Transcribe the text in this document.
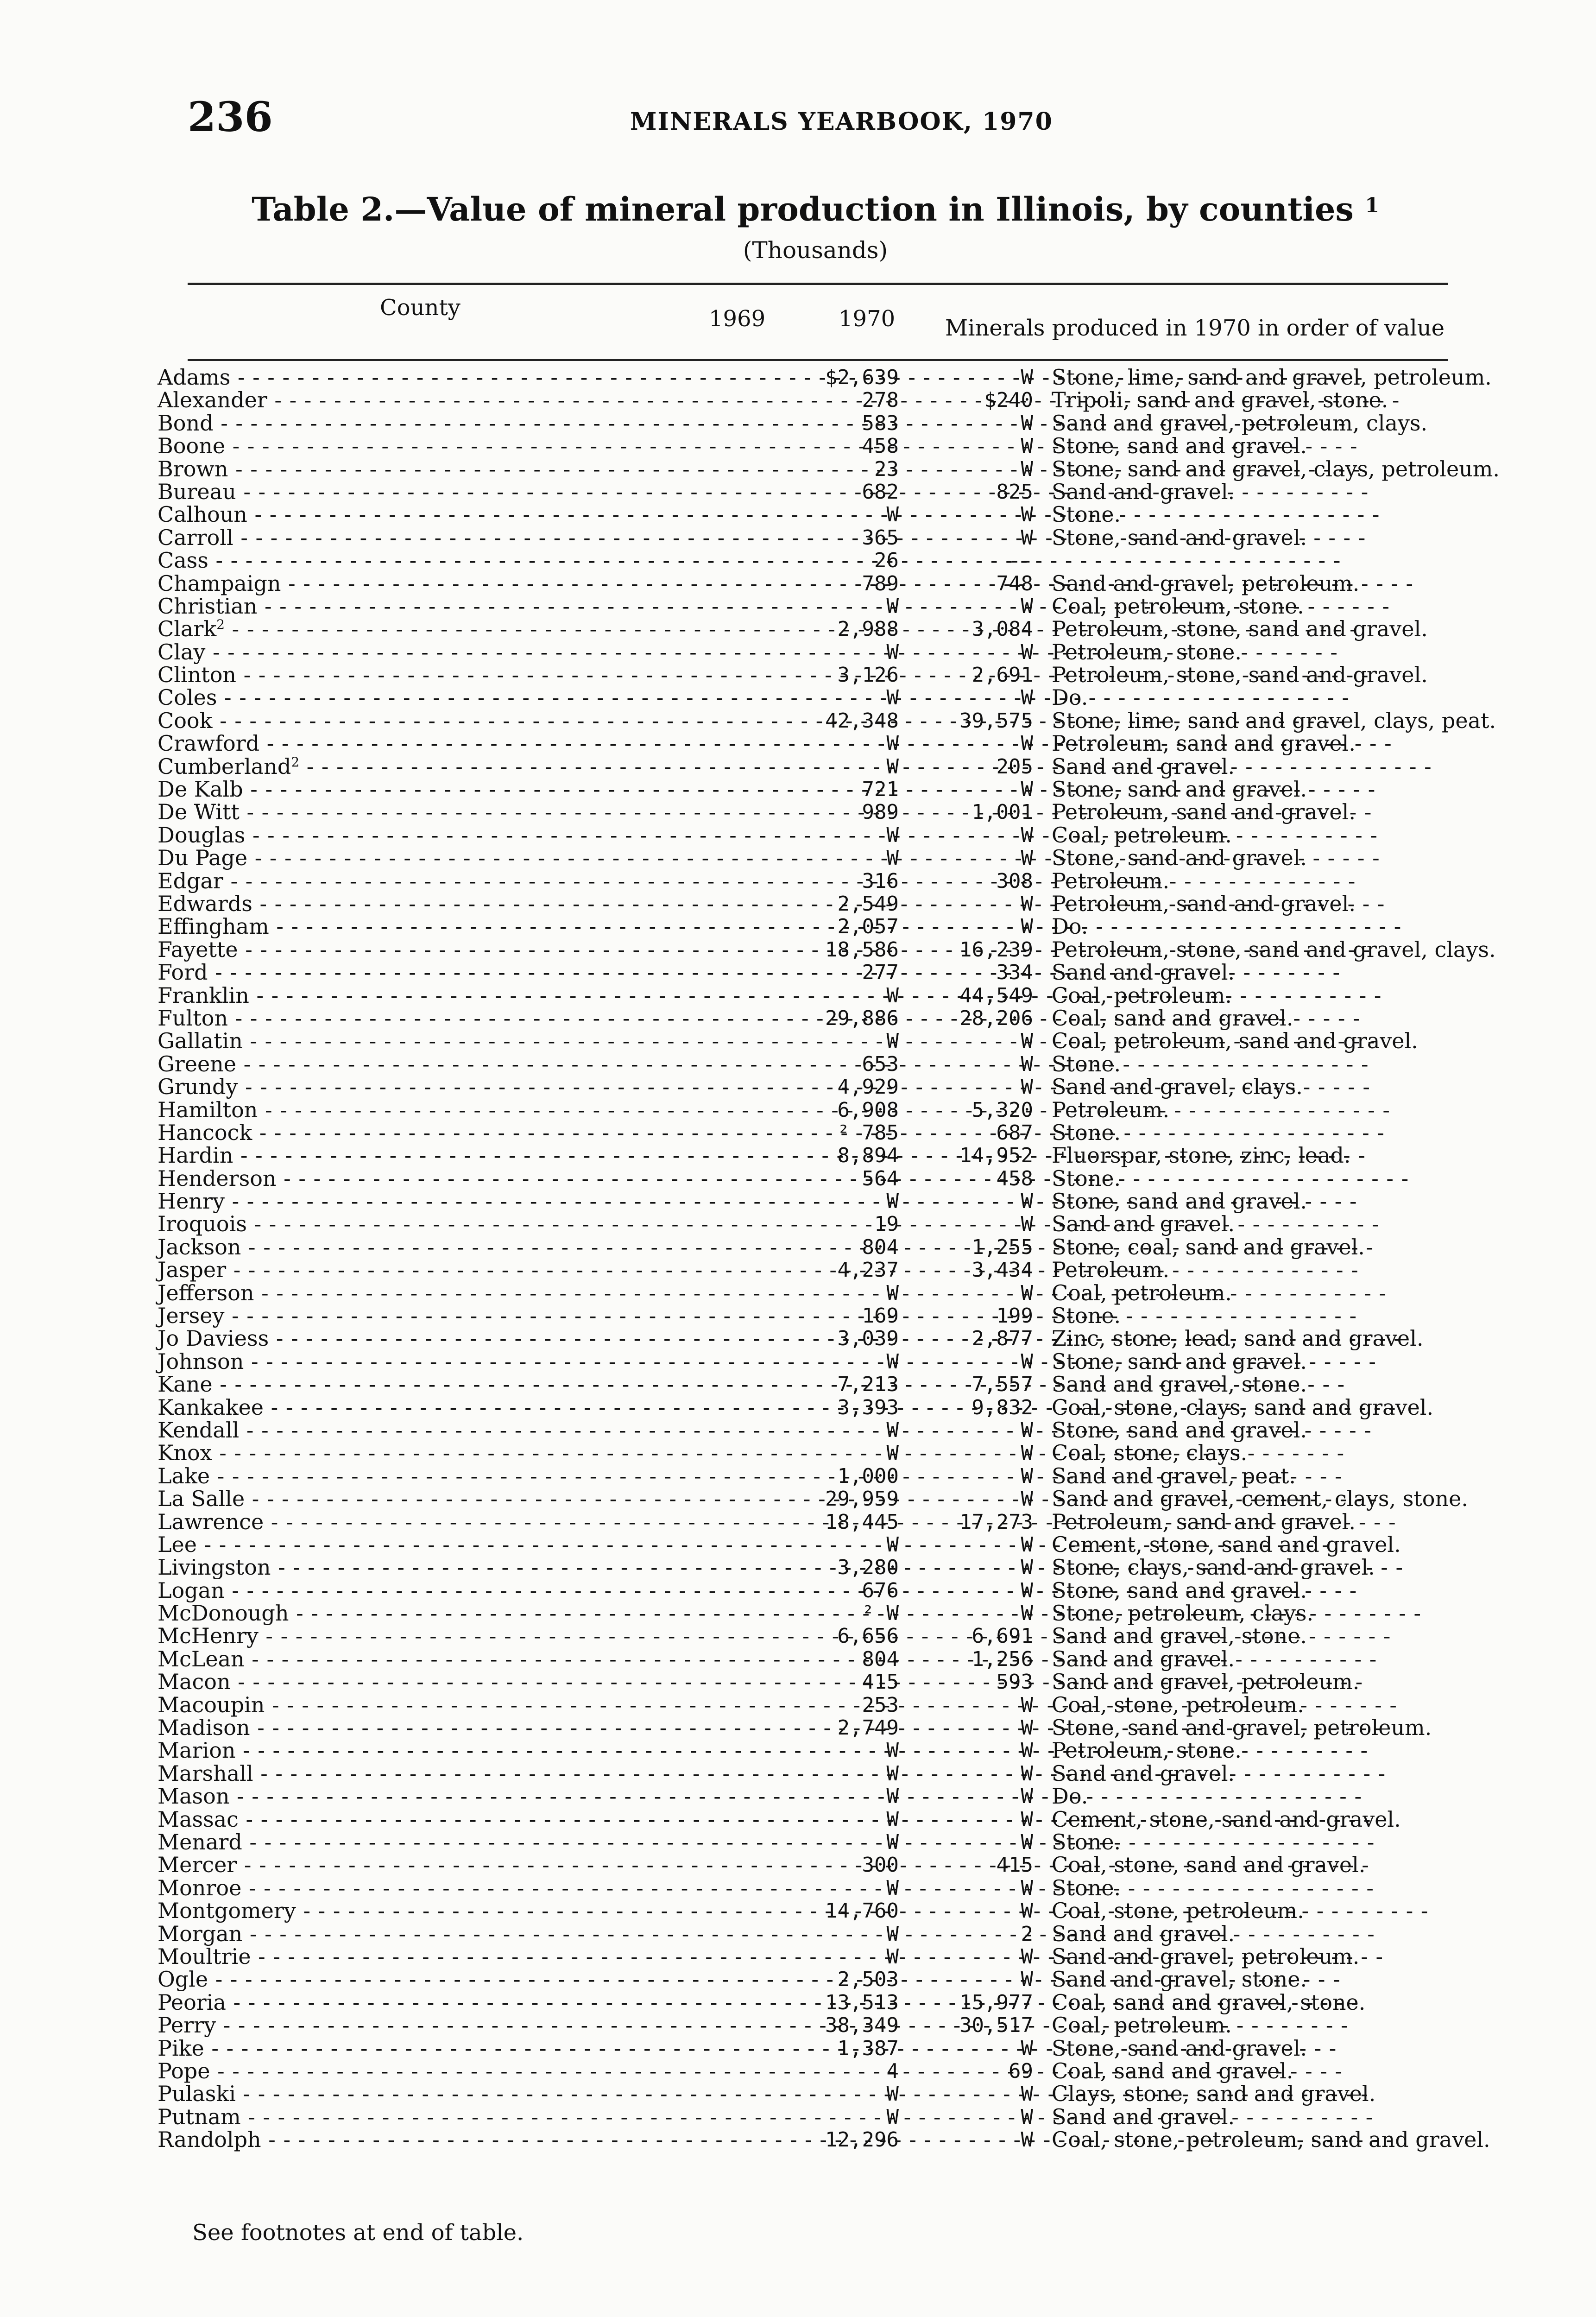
236	MINERALS YEARBOOK, 1970
Table 2.—Value of mineral production in Illinois, by counties $^1$
(Thousands)
County	1969	1970 Minerals produced in 1970 in order of value
Adams - - -	$2,639	W Stone, lime, sand and gravel, petroleum.
Alexander - - -	278	$240 Tripoli, sand and gravel, stone.
Bond - - -	583	W Sand and gravel, petroleum, clays.
Boone - - -	458	W Stone, sand and gravel.
Brown - - -	23	W Stone, sand and gravel, clays, petroleum.
Bureau - - -	682	825 Sand and gravel.
Calhoun - - -	W	W Stone.
Carroll - - -	365	W Stone, sand and gravel.
Cass - - -	26	--
Champaign - - -	789	748 Sand and gravel, petroleum.
Christian - - -	W	W Coal, petroleum, stone.
Clark$^2$ - - -	2,988	3,084 Petroleum, stone, sand and gravel.
Clay - - -	W	W Petroleum, stone.
Clinton - - -	3,126	2,691 Petroleum, stone, sand and gravel.
Coles - - -	W	W Do.
Cook - - -	42,348	39,575 Stone, lime, sand and gravel, clays, peat.
Crawford - - -	W	W Petroleum, sand and gravel.
Cumberland$^2$ - - -	W	205 Sand and gravel.
De Kalb - - -	721	W Stone, sand and gravel.
De Witt - - -	989	1,001 Petroleum, sand and gravel.
Douglas - - -	W	W Coal, petroleum.
Du Page - - -	W	W Stone, sand and gravel.
Edgar - - -	316	308 Petroleum.
Edwards - - -	2,549	W Petroleum, sand and gravel.
Effingham - - -	2,057	W Do.
Fayette - - -	18,586	16,239 Petroleum, stone, sand and gravel, clays.
Ford - - -	277	334 Sand and gravel.
Franklin - - -	W	44,549 Coal, petroleum.
Fulton - - -	29,886	28,206 Coal, sand and gravel.
Gallatin - - -	W	W Coal, petroleum, sand and gravel.
Greene - - -	653	W Stone.
Grundy - - -	4,929	W Sand and gravel, clays.
Hamilton - - -	6,908	5,320 Petroleum.
Hancock - - -	² 785	687 Stone.
Hardin - - -	8,894	14,952 Fluorspar, stone, zinc, lead.
Henderson - - -	564	458 Stone.
Henry - - -	W	W Stone, sand and gravel.
Iroquois - - -	19	W Sand and gravel.
Jackson - - -	804	1,255 Stone, coal, sand and gravel.
Jasper - - -	4,237	3,434 Petroleum.
Jefferson - - -	W	W Coal, petroleum.
Jersey - - -	169	199 Stone.
Jo Daviess - - -	3,039	2,877 Zinc, stone, lead, sand and gravel.
Johnson - - -	W	W Stone, sand and gravel.
Kane - - -	7,213	7,557 Sand and gravel, stone.
Kankakee - - -	3,393	9,832 Coal, stone, clays, sand and gravel.
Kendall - - -	W	W Stone, sand and gravel.
Knox - - -	W	W Coal, stone, clays.
Lake - - -	1,000	W Sand and gravel, peat.
La Salle - - -	29,959	W Sand and gravel, cement, clays, stone.
Lawrence - - -	18,445	17,273 Petroleum, sand and gravel.
Lee - - -	W	W Cement, stone, sand and gravel.
Livingston - - -	3,280	W Stone, clays, sand and gravel.
Logan - - -	676	W Stone, sand and gravel.
McDonough - - -	² W	W Stone, petroleum, clays.
McHenry - - -	6,656	6,691 Sand and gravel, stone.
McLean - - -	804	1,256 Sand and gravel.
Macon - - -	415	593 Sand and gravel, petroleum.
Macoupin - - -	253	W Coal, stone, petroleum.
Madison - - -	2,749	W Stone, sand and gravel, petroleum.
Marion - - -	W	W Petroleum, stone.
Marshall - - -	W	W Sand and gravel.
Mason - - -	W	W Do.
Massac - - -	W	W Cement, stone, sand and gravel.
Menard - - -	W	W Stone.
Mercer - - -	300	415 Coal, stone, sand and gravel.
Monroe - - -	W	W Stone.
Montgomery - - -	14,760	W Coal, stone, petroleum.
Morgan - - -	W	2 Sand and gravel.
Moultrie - - -	W	W Sand and gravel, petroleum.
Ogle - - -	2,503	W Sand and gravel, stone.
Peoria - - -	13,513	15,977 Coal, sand and gravel, stone.
Perry - - -	38,349	30,517 Coal, petroleum.
Pike - - -	1,387	W Stone, sand and gravel.
Pope - - -	4	69 Coal, sand and gravel.
Pulaski - - -	W	W Clays, stone, sand and gravel.
Putnam - - -	W	W Sand and gravel.
Randolph - - -	12,296	W Coal, stone, petroleum, sand and gravel.
See footnotes at end of table.
